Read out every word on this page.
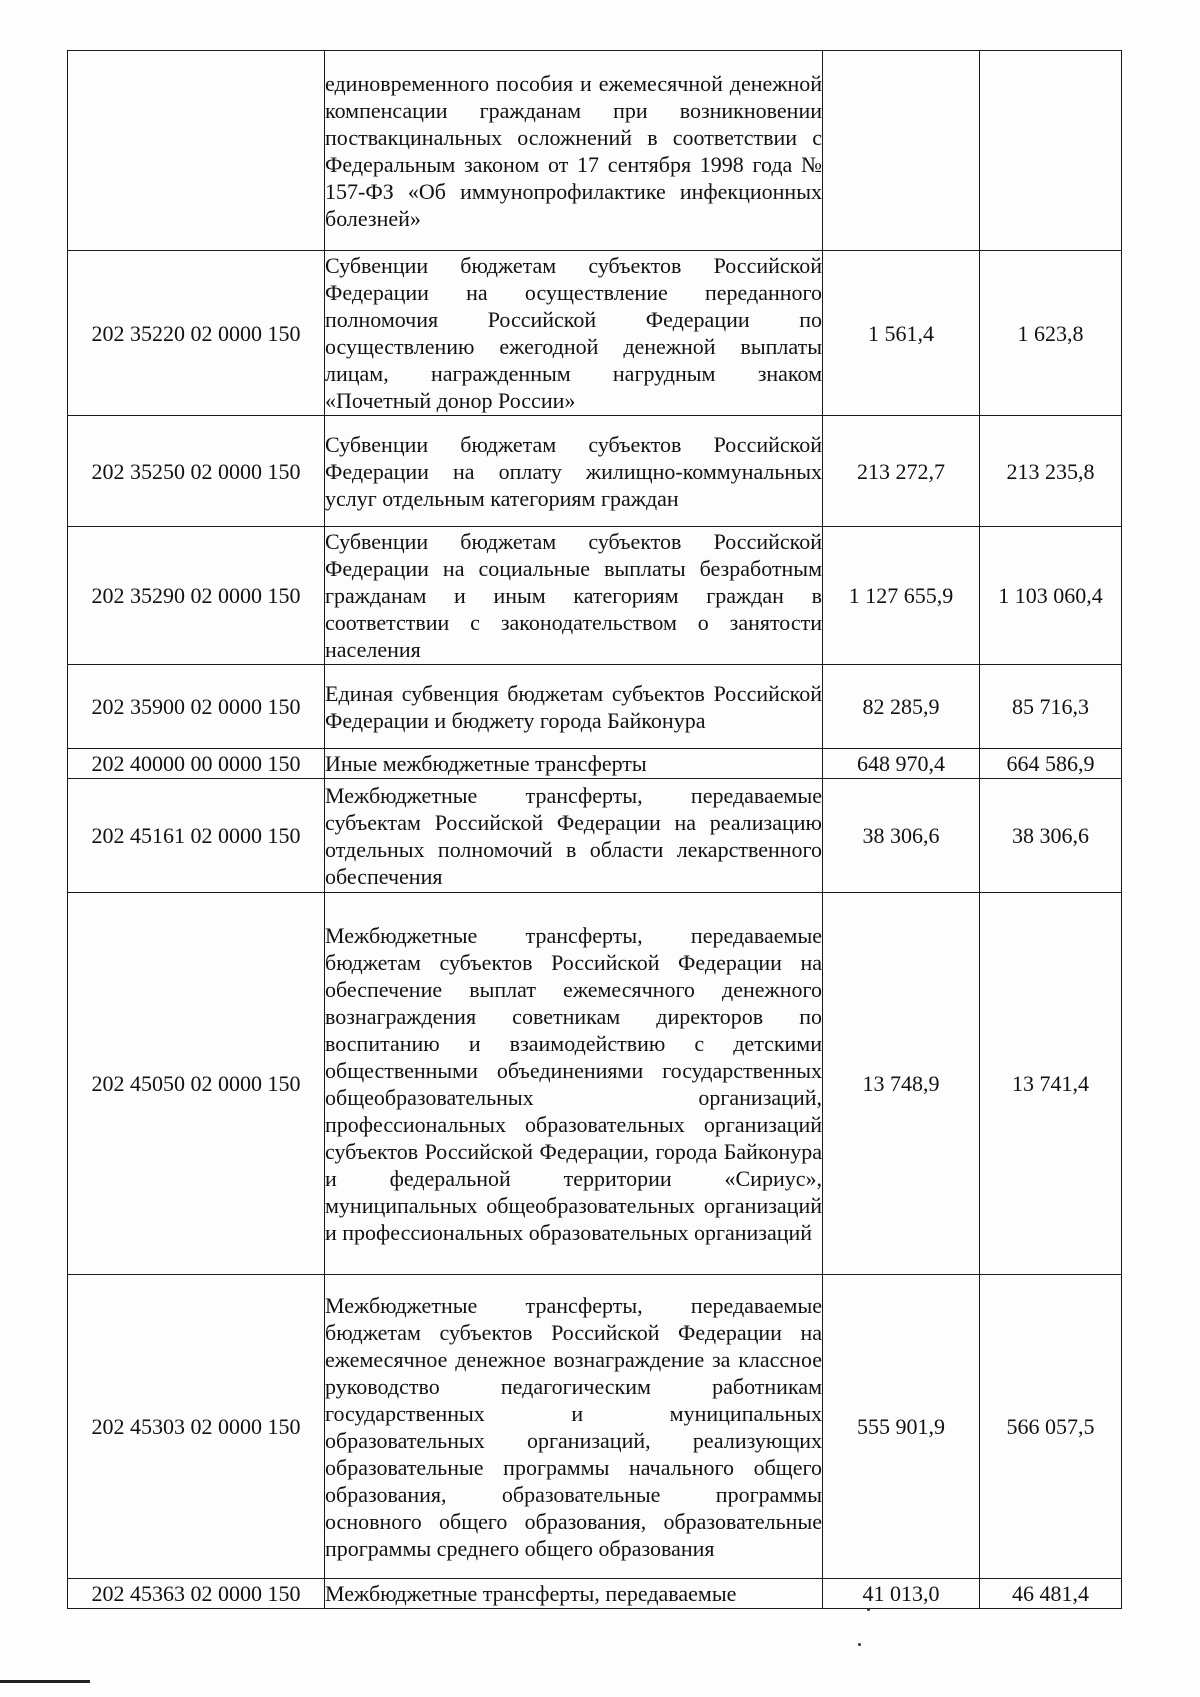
	единовременного пособия и ежемесячной денежной компенсации гражданам при возникновении поствакцинальных осложнений в соответствии с Федеральным законом от 17 сентября 1998 года № 157-ФЗ «Об иммунопрофилактике инфекционных болезней»		
202 35220 02 0000 150	Субвенции бюджетам субъектов Российской Федерации на осуществление переданного полномочия Российской Федерации по осуществлению ежегодной денежной выплаты лицам, награжденным нагрудным знаком «Почетный донор России»	1 561,4	1 623,8
202 35250 02 0000 150	Субвенции бюджетам субъектов Российской Федерации на оплату жилищно-коммунальных услуг отдельным категориям граждан	213 272,7	213 235,8
202 35290 02 0000 150	Субвенции бюджетам субъектов Российской Федерации на социальные выплаты безработным гражданам и иным категориям граждан в соответствии с законодательством о занятости населения	1 127 655,9	1 103 060,4
202 35900 02 0000 150	Единая субвенция бюджетам субъектов Российской Федерации и бюджету города Байконура	82 285,9	85 716,3
202 40000 00 0000 150	Иные межбюджетные трансферты	648 970,4	664 586,9
202 45161 02 0000 150	Межбюджетные трансферты, передаваемые субъектам Российской Федерации на реализацию отдельных полномочий в области лекарственного обеспечения	38 306,6	38 306,6
202 45050 02 0000 150	Межбюджетные трансферты, передаваемые бюджетам субъектов Российской Федерации на обеспечение выплат ежемесячного денежного вознаграждения советникам директоров по воспитанию и взаимодействию с детскими общественными объединениями государственных общеобразовательных организаций, профессиональных образовательных организаций субъектов Российской Федерации, города Байконура и федеральной территории «Сириус», муниципальных общеобразовательных организаций и профессиональных образовательных организаций	13 748,9	13 741,4
202 45303 02 0000 150	Межбюджетные трансферты, передаваемые бюджетам субъектов Российской Федерации на ежемесячное денежное вознаграждение за классное руководство педагогическим работникам государственных и муниципальных образовательных организаций, реализующих образовательные программы начального общего образования, образовательные программы основного общего образования, образовательные программы среднего общего образования	555 901,9	566 057,5
202 45363 02 0000 150	Межбюджетные трансферты, передаваемые	41 013,0	46 481,4
